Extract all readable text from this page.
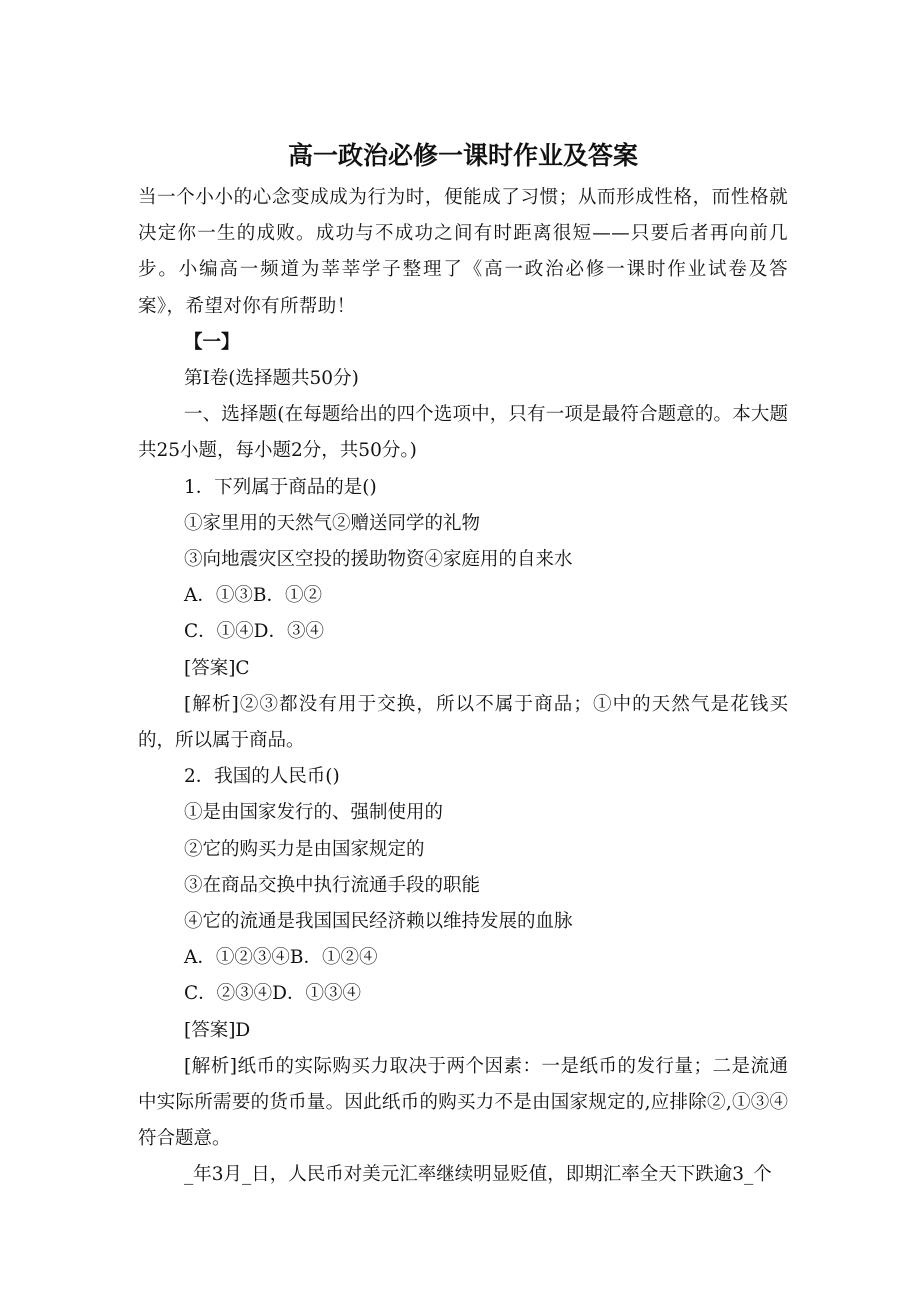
高一政治必修一课时作业及答案

当一个小小的心念变成成为行为时，便能成了习惯；从而形成性格，而性格就决定你一生的成败。成功与不成功之间有时距离很短——只要后者再向前几步。小编高一频道为莘莘学子整理了《高一政治必修一课时作业试卷及答案》，希望对你有所帮助！

【一】

第Ⅰ卷(选择题共50分)

一、选择题(在每题给出的四个选项中，只有一项是最符合题意的。本大题共25小题，每小题2分，共50分。)

1．下列属于商品的是()

①家里用的天然气②赠送同学的礼物

③向地震灾区空投的援助物资④家庭用的自来水

A．①③B．①②

C．①④D．③④

[答案]C

[解析]②③都没有用于交换，所以不属于商品；①中的天然气是花钱买的，所以属于商品。

2．我国的人民币()

①是由国家发行的、强制使用的

②它的购买力是由国家规定的

③在商品交换中执行流通手段的职能

④它的流通是我国国民经济赖以维持发展的血脉

A．①②③④B．①②④

C．②③④D．①③④

[答案]D

[解析]纸币的实际购买力取决于两个因素：一是纸币的发行量；二是流通中实际所需要的货币量。因此纸币的购买力不是由国家规定的,应排除②,①③④符合题意。

_年3月_日，人民币对美元汇率继续明显贬值，即期汇率全天下跌逾3_个
